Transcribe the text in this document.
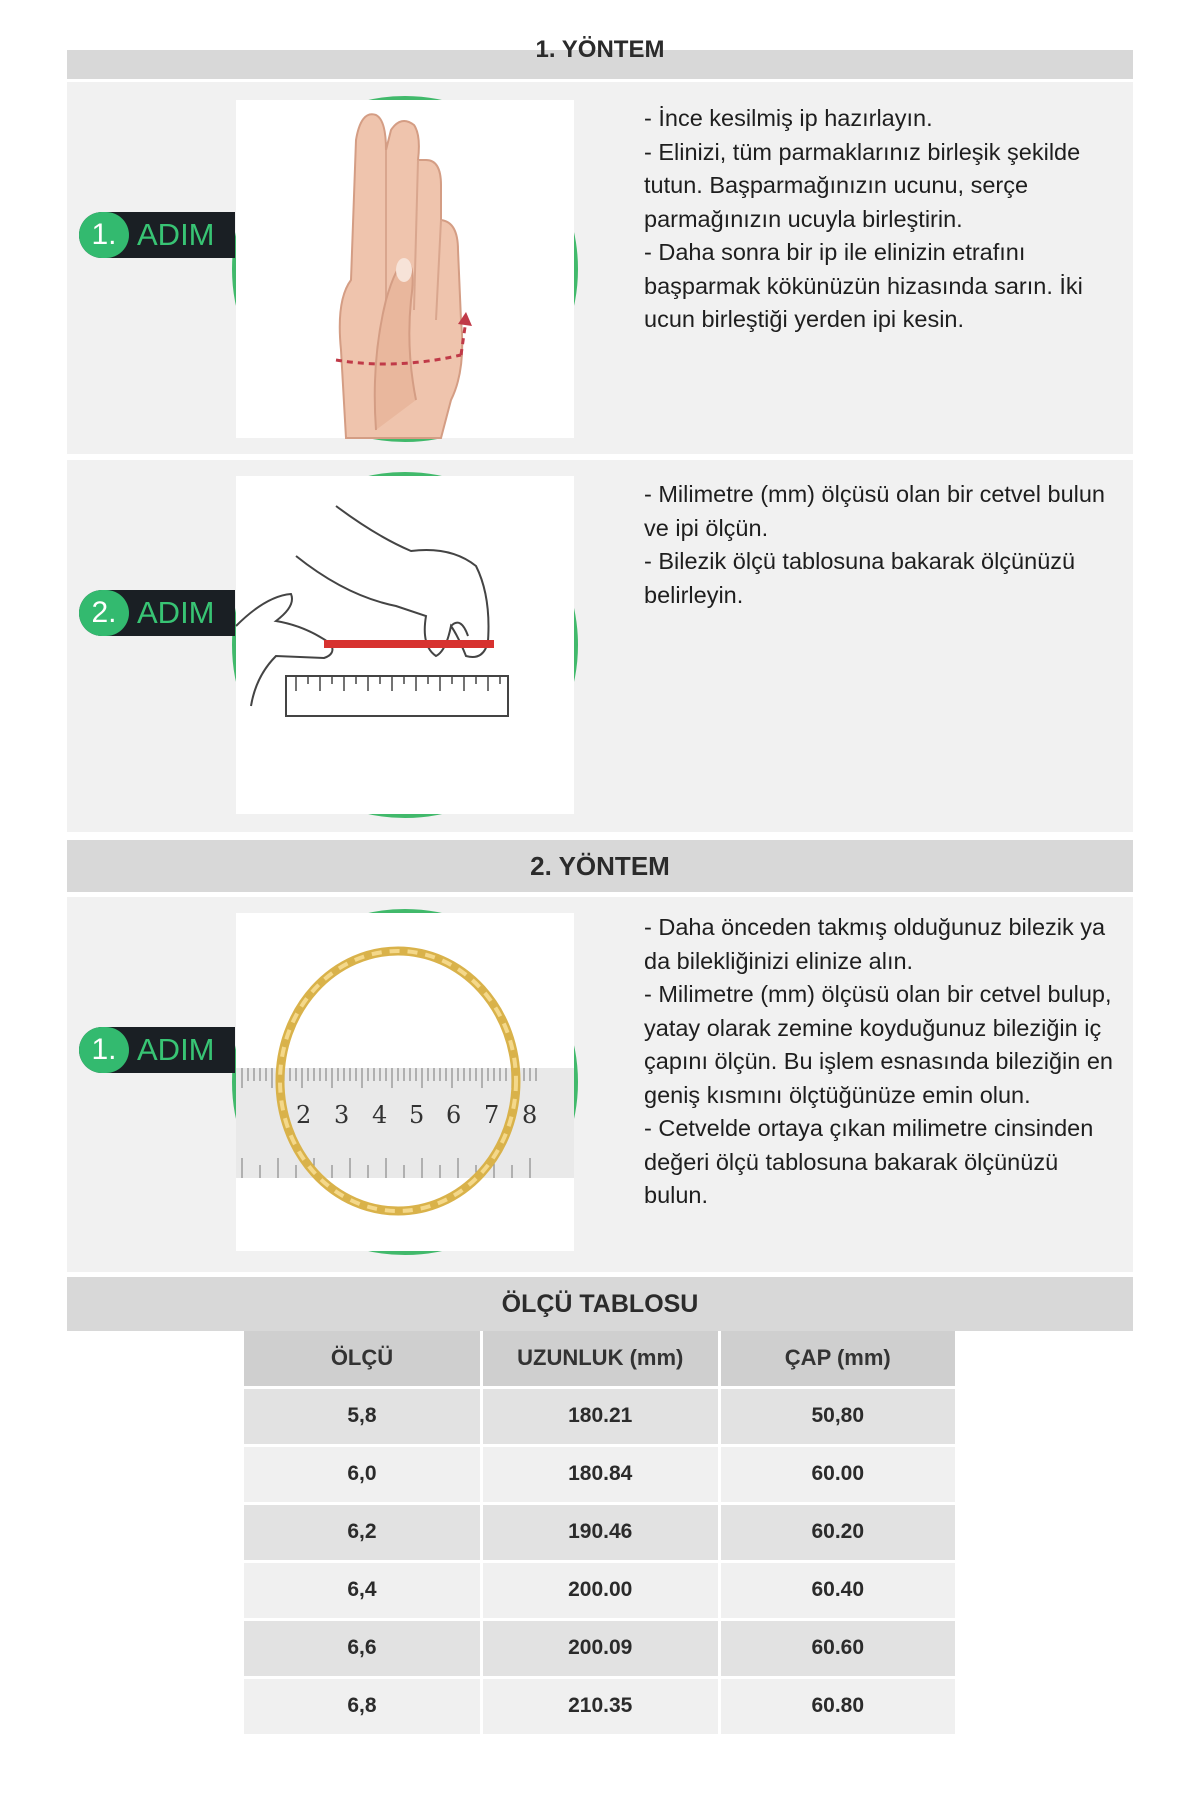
1. YÖNTEM
1. ADIM

- İnce kesilmiş ip hazırlayın.

- Elinizi, tüm parmaklarınız birleşik şekilde tutun. Başparmağınızın ucunu, serçe parmağınızın ucuyla birleştirin.

- Daha sonra bir ip ile elinizin etrafını başparmak kökünüzün hizasında sarın. İki ucun birleştiği yerden ipi kesin.

2. ADIM

- Milimetre (mm) ölçüsü olan bir cetvel bulun ve ipi ölçün.

- Bilezik ölçü tablosuna bakarak ölçünüzü belirleyin.

2. YÖNTEM
2 3 4 5 6 7 8
1. ADIM

- Daha önceden takmış olduğunuz bilezik ya da bilekliğinizi elinize alın.

- Milimetre (mm) ölçüsü olan bir cetvel bulup, yatay olarak zemine koyduğunuz bileziğin iç çapını ölçün. Bu işlem esnasında bileziğin en geniş kısmını ölçtüğünüze emin olun.

- Cetvelde ortaya çıkan milimetre cinsinden değeri ölçü tablosuna bakarak ölçünüzü bulun.

ÖLÇÜ TABLOSU
ÖLÇÜ	UZUNLUK (mm)	ÇAP (mm)
5,8	180.21	50,80
6,0	180.84	60.00
6,2	190.46	60.20
6,4	200.00	60.40
6,6	200.09	60.60
6,8	210.35	60.80
